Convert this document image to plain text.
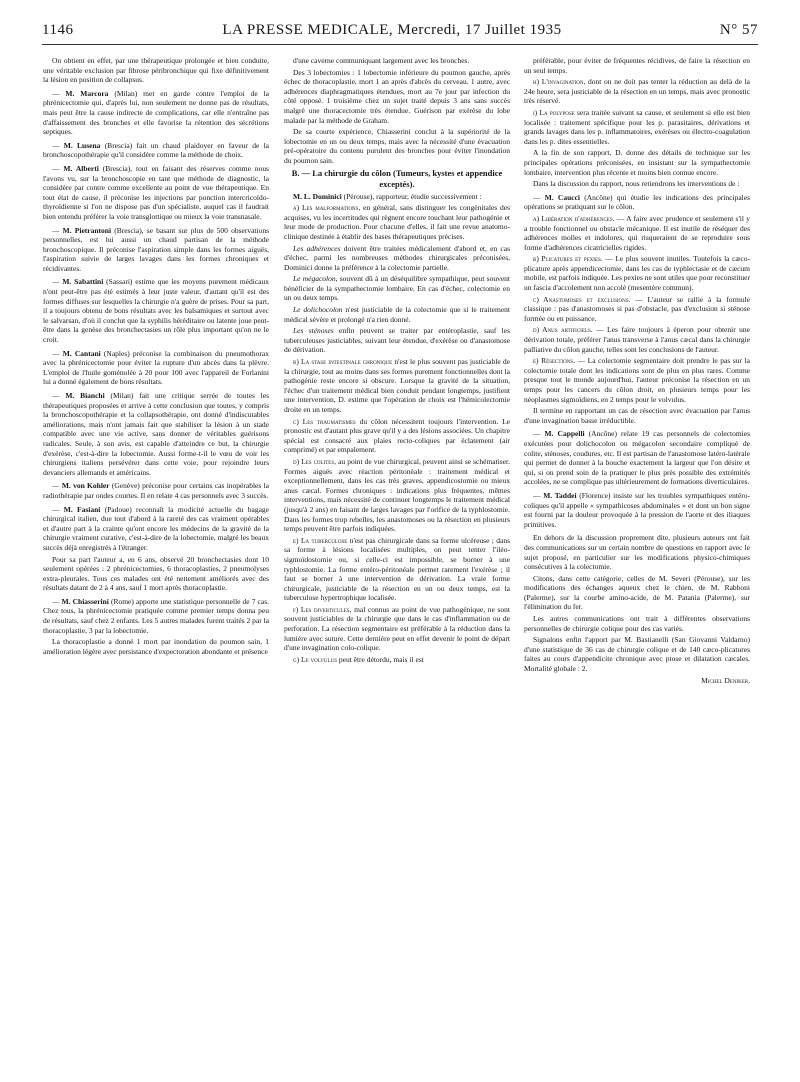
1146	LA PRESSE MEDICALE, Mercredi, 17 Juillet 1935	N° 57

On obtient en effet, par une thérapeutique prolongée et bien conduite, une véritable exclusion par fibrose péribronchique qui fixe définitivement la lésion en position de collapsus.

— M. Marcora (Milan) met en garde contre l'emploi de la phrénicectomie qui, d'après lui, non seulement ne donne pas de résultats, mais peut être la cause indirecte de complications, car elle n'entraîne pas d'affaissement des bronches et elle favorise la rétention des sécrétions septiques.

— M. Lusena (Brescia) fait un chaud plaidoyer en faveur de la bronchoscopothérapie qu'il considère comme la méthode de choix.

— M. Alberti (Brescia), tout en faisant des réserves comme nous l'avons vu, sur la bronchoscopie en tant que méthode de diagnostic, la considère par contre comme excellente au point de vue thérapeutique. En tout état de cause, il préconise les injections par ponction intercricoïdo-thyroïdienne si l'on ne dispose pas d'un spécialiste, auquel cas il faudrait bien entendu préférer la voie transglottique ou mieux la voie transnasale.

— M. Pietrantoni (Brescia), se basant sur plus de 500 observations personnelles, est lui aussi un chaud partisan de la méthode bronchoscopique. Il préconise l'aspiration simple dans les formes aiguës, l'aspiration suivie de larges lavages dans les formes chroniques et récidivantes.

— M. Sabattini (Sassari) estime que les moyens purement médicaux n'ont peut-être pas été estimés à leur juste valeur, d'autant qu'il est des formes diffuses sur lesquelles la chirurgie n'a guère de prises. Pour sa part, il a toujours obtenu de bons résultats avec les balsamiques et surtout avec le salvarsan, d'où il conclut que la syphilis héréditaire ou latente joue peut-être dans la genèse des bronchectasies un rôle plus important qu'on ne le croit.

— M. Cantani (Naples) préconise la combinaison du pneumothorax avec la phrénicectomie pour éviter la rupture d'un abcès dans la plèvre. L'emploi de l'huile goménolée à 20 pour 100 avec l'appareil de Forlanini lui a donné également de bons résultats.

— M. Bianchi (Milan) fait une critique serrée de toutes les thérapeutiques proposées et arrive à cette conclusion que toutes, y compris la bronchoscopothérapie et la collapsothérapie, ont donné d'indiscutables améliorations, mais n'ont jamais fait que stabiliser la lésion à un stade compatible avec une vie active, sans donner de véritables guérisons radicales. Seule, à son avis, est capable d'atteindre ce but, la chirurgie d'exérèse, c'est-à-dire la lobectomie. Aussi forme-t-il le vœu de voir les chirurgiens italiens persévérer dans cette voie, pour rejoindre leurs devanciers allemands et américains.

— M. von Kohler (Genève) préconise pour certains cas inopérables la radiothérapie par ondes courtes. Il en relate 4 cas personnels avec 3 succès.

— M. Fasiani (Padoue) reconnaît la modicité actuelle du bagage chirurgical italien, due tout d'abord à la rareté des cas vraiment opérables et d'autre part à la crainte qu'ont encore les médecins de la gravité de la chirurgie vraiment curative, c'est-à-dire de la lobectomie, malgré les beaux succès déjà enregistrés à l'étranger.

Pour sa part l'auteur a, en 6 ans, observé 20 bronchectasies dont 10 seulement opérées : 2 phrénicectomies, 6 thoracoplasties, 2 pneumolyses extra-pleurales. Tous ces malades ont été nettement améliorés avec des résultats datant de 2 à 4 ans, sauf 1 mort après thoracoplastie.

— M. Chiasserini (Rome) apporte une statistique personnelle de 7 cas. Chez tous, la phrénicectomie pratiquée comme premier temps donna peu de résultats, sauf chez 2 enfants. Les 5 autres malades furent traités 2 par la thoracoplastie, 3 par la lobectomie.

La thoracoplastie a donné 1 mort par inondation du poumon sain, 1 amélioration légère avec persistance d'expectoration abondante et présence

d'une caverne communiquant largement avec les bronches.

Des 3 lobectomies : 1 lobectomie inférieure du poumon gauche, après échec de thoracoplastie, mort 1 an après d'abcès du cerveau. 1 autre, avec adhérences diaphragmatiques étendues, mort au 7e jour par infection du côté opposé. 1 troisième chez un sujet traité depuis 3 ans sans succès malgré une thoracectomie très étendue. Guérison par exérèse du lobe malade par la méthode de Graham.

De sa courte expérience, Chiasserini conclut à la supériorité de la lobectomie en un ou deux temps, mais avec la nécessité d'une évacuation pré-opératoire du contenu purulent des bronches pour éviter l'inondation du poumon sain.

B. — La chirurgie du côlon (Tumeurs, kystes et appendice exceptés).

M. L. Dominici (Pérouse), rapporteur, étudie successivement :

a) Les malformations, en général, sans distinguer les congénitales des acquises, vu les incertitudes qui règnent encore touchant leur pathogénie et leur mode de production. Pour chacune d'elles, il fait une revue anatomo-clinique destinée à établir des bases thérapeutiques précises.

Les adhérences doivent être traitées médicalement d'abord et, en cas d'échec, parmi les nombreuses méthodes chirurgicales préconisées, Dominici donne la préférence à la colectomie partielle.

Le mégacolon, souvent dû à un déséquilibre sympathique, peut souvent bénéficier de la sympathectomie lombaire. En cas d'échec, colectomie en un ou deux temps.

Le dolichocolon n'est justiciable de la colectomie que si le traitement médical sévère et prolongé n'a rien donné.

Les sténoses enfin peuvent se traiter par entéroplastie, sauf les tuberculeuses justiciables, suivant leur étendue, d'exérèse ou d'anastomose de dérivation.

b) La stase intestinale chronique n'est le plus souvent pas justiciable de la chirurgie, tout au moins dans ses formes purement fonctionnelles dont la pathogénie reste encore si obscure. Lorsque la gravité de la situation, l'échec d'un traitement médical bien conduit pendant longtemps, justifient une intervention, D. estime que l'opération de choix est l'hémicolectomie droite en un temps.

c) Les traumatismes du côlon nécessitent toujours l'intervention. Le pronostic est d'autant plus grave qu'il y a des lésions associées. Un chapitre spécial est consacré aux plaies recto-coliques par éclatement (air comprimé) et par empalement.

d) Les colites, au point de vue chirurgical, peuvent ainsi se schématiser. Formes aiguës avec réaction péritonéale : traitement médical et exceptionnellement, dans les cas très graves, appendicostomie ou mieux anus cæcal. Formes chroniques : indications plus fréquentes, mêmes interventions, mais nécessité de continuer longtemps le traitement médical (jusqu'à 2 ans) en faisant de larges lavages par l'orifice de la typhlostomie. Dans les formes trop rebelles, les anastomoses ou la résection en plusieurs temps peuvent être parfois indiquées.

e) La tuberculose n'est pas chirurgicale dans sa forme ulcéreuse ; dans sa forme à lésions localisées multiples, on peut tenter l'iléo-sigmoïdostomie ou, si celle-ci est impossible, se borner à une typhlostomie. La forme entéro-péritonéale permet rarement l'exérèse ; il faut se borner à une intervention de dérivation. La vraie forme chirurgicale, justiciable de la résection en un ou deux temps, est la tuberculose hypertrophique localisée.

f) Les diverticules, mal connus au point de vue pathogénique, ne sont souvent justiciables de la chirurgie que dans le cas d'inflammation ou de perforation. La résection segmentaire est préférable à la réduction dans la lumière avec suture. Cette dernière peut en effet devenir le point de départ d'une invagination colo-colique.

g) Le volvulus peut être détordu, mais il est

préférable, pour éviter de fréquentes récidives, de faire la résection en un seul temps.

h) L'invagination, dont on ne doit pas tenter la réduction au delà de la 24e heure, sera justiciable de la résection en un temps, mais avec pronostic très réservé.

i) La polypose sera traitée suivant sa cause, et seulement si elle est bien localisée : traitement spécifique pour les p. parasitaires, dérivations et grands lavages dans les p. inflammatoires, exérèses ou électro-coagulation dans les p. dites essentielles.

A la fin de son rapport, D. donne des détails de technique sur les principales opérations préconisées, en insistant sur la sympathectomie lombaire, intervention plus récente et moins bien connue encore.

Dans la discussion du rapport, nous retiendrons les interventions de :

— M. Caucci (Ancône) qui étudie les indications des principales opérations se pratiquant sur le côlon.

a) Libération d'adhérences. — A faire avec prudence et seulement s'il y a trouble fonctionnel ou obstacle mécanique. Il est inutile de réséquer des adhérences molles et indolores, qui risqueraient de se reproduire sous forme d'adhérences cicatricielles rigides.

b) Plicatures et pexies. — Le plus souvent inutiles. Toutefois la cæco-plicature après appendicectomie, dans les cas de typhlectasie et de cæcum mobile, est parfois indiquée. Les pexies ne sont utiles que pour reconstituer un fascia d'accolement non accolé (mesentère commun).

c) Anastomoses et exclusions. — L'auteur se rallie à la formule classique : pas d'anastomoses si pas d'obstacle, pas d'exclusion si sténose formée ou en puissance.

d) Anus artificiels. — Les faire toujours à éperon pour obtenir une dérivation totale, préférer l'anus transverse à l'anus cæcal dans la chirurgie palliative du côlon gauche, telles sont les conclusions de l'auteur.

e) Résections. — La colectomie segmentaire doit prendre le pas sur la colectomie totale dont les indications sont de plus en plus rares. Comme presque tout le monde aujourd'hui, l'auteur préconise la résection en un temps pour les cancers du côlon droit, en plusieurs temps pour les néoplasmes sigmoïdiens, en 2 temps pour le volvulus.

Il termine en rapportant un cas de résection avec évacuation par l'anus d'une invagination basse irréductible.

— M. Cappelli (Ancône) relate 19 cas personnels de colectomies exécutées pour dolichocolon ou mégacolon secondaire compliqué de colite, sténoses, coudures, etc. Il est partisan de l'anastomose latéro-latérale qui permet de donner à la bouche exactement la largeur que l'on désire et qui, si on prend soin de la pratiquer le plus près possible des extrémités accolées, ne se complique pas ultérieurement de formations diverticulaires.

— M. Taddei (Florence) insiste sur les troubles sympathiques entéro-coliques qu'il appelle « sympathicoses abdominales » et dont un bon signe est fourni par la douleur provoquée à la pression de l'aorte et des iliaques primitives.

En dehors de la discussion proprement dite, plusieurs auteurs ont fait des communications sur un certain nombre de questions en rapport avec le sujet proposé, en particulier sur les modifications physico-chimiques consécutives à la colectomie.

Citons, dans cette catégorie, celles de M. Severi (Pérouse), sur les modifications des échanges aqueux chez le chien, de M. Rabboni (Palerme), sur la courbe amino-acide, de M. Patania (Palerme), sur l'élimination du fer.

Les autres communications ont trait à différentes observations personnelles de chirurgie colique pour des cas variés.

Signalons enfin l'apport par M. Bastianelli (San Giovanni Valdarno) d'une statistique de 36 cas de chirurgie colique et de 140 cæco-plicatures faites au cours d'appendicite chronique avec ptose et dilatation cæcales. Mortalité globale : 2.

Michel Deniker.
